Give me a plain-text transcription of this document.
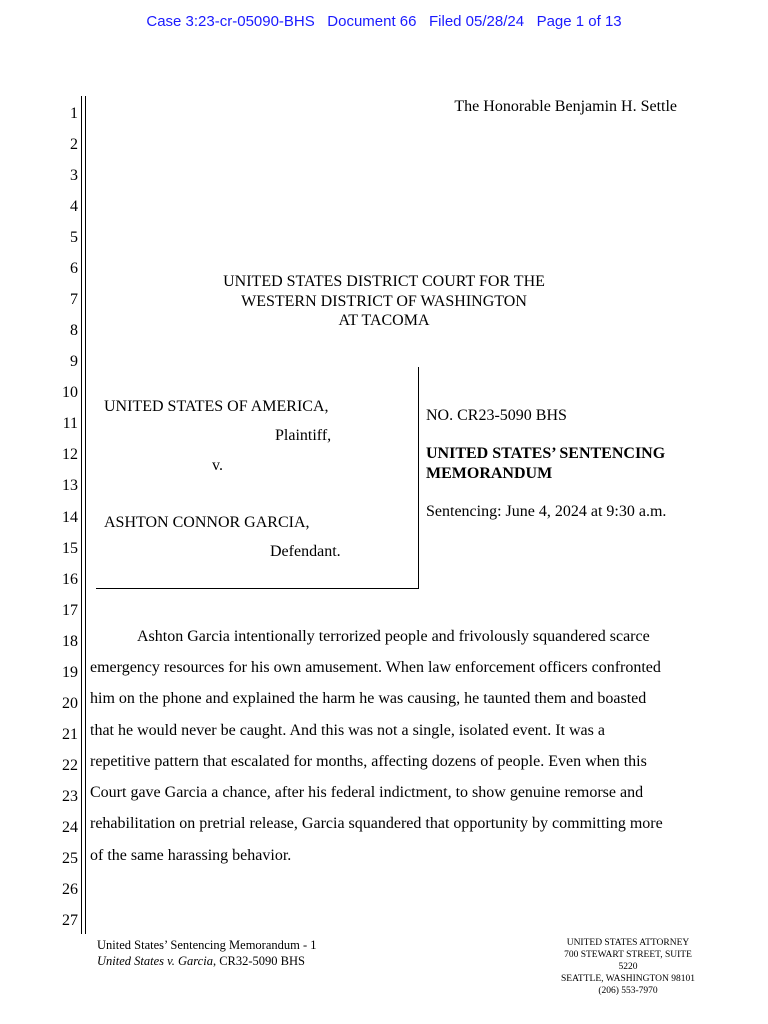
Case 3:23-cr-05090-BHS   Document 66   Filed 05/28/24   Page 1 of 13
1
2
3
4
5
6
7
8
9
10
11
12
13
14
15
16
17
18
19
20
21
22
23
24
25
26
27
The Honorable Benjamin H. Settle
UNITED STATES DISTRICT COURT FOR THE
WESTERN DISTRICT OF WASHINGTON
AT TACOMA
UNITED STATES OF AMERICA,
Plaintiff,
v.
ASHTON CONNOR GARCIA,
Defendant.
NO. CR23-5090 BHS
UNITED STATES’ SENTENCING
MEMORANDUM
Sentencing: June 4, 2024 at 9:30 a.m.
Ashton Garcia intentionally terrorized people and frivolously squandered scarce
emergency resources for his own amusement. When law enforcement officers confronted
him on the phone and explained the harm he was causing, he taunted them and boasted
that he would never be caught. And this was not a single, isolated event. It was a
repetitive pattern that escalated for months, affecting dozens of people. Even when this
Court gave Garcia a chance, after his federal indictment, to show genuine remorse and
rehabilitation on pretrial release, Garcia squandered that opportunity by committing more
of the same harassing behavior.
United States’ Sentencing Memorandum - 1
United States v. Garcia, CR32-5090 BHS
UNITED STATES ATTORNEY
700 STEWART STREET, SUITE 5220
SEATTLE, WASHINGTON 98101
(206) 553-7970
